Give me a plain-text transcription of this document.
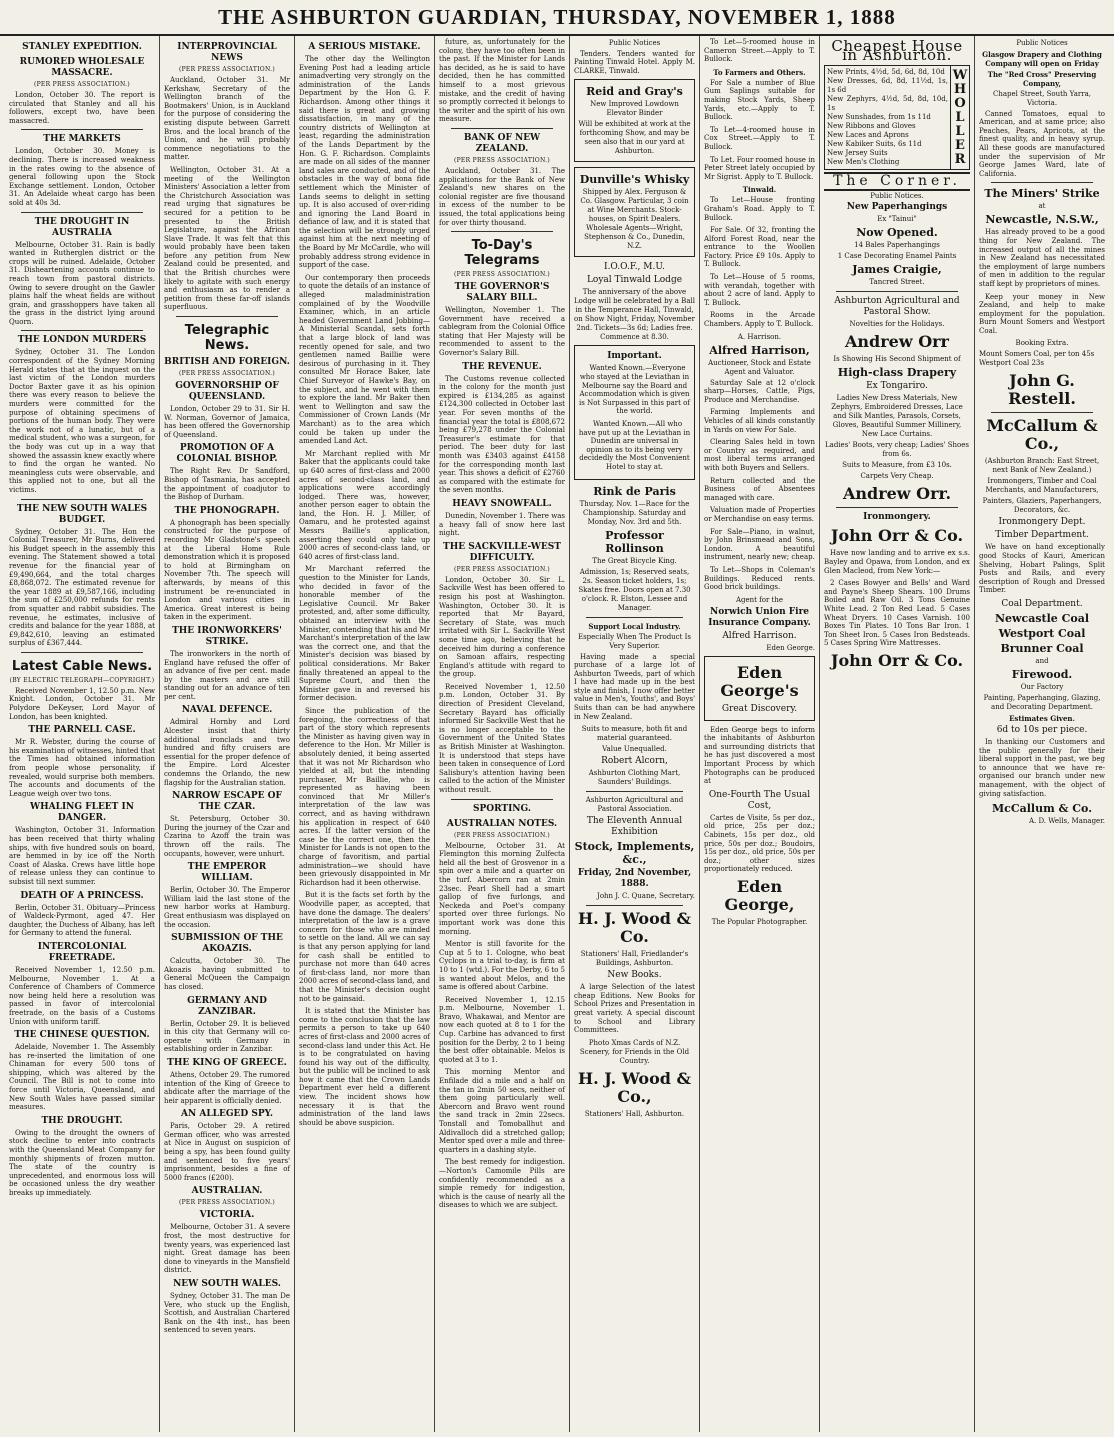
THE ASHBURTON GUARDIAN, THURSDAY, NOVEMBER 1, 1888
STANLEY EXPEDITION.
RUMORED WHOLESALE MASSACRE.
(PER PRESS ASSOCIATION.)

London, October 30. The report is circulated that Stanley and all his followers, except two, have been massacred.

THE MARKETS

London, October 30. Money is declining. There is increased weakness in the rates owing to the absence of general following upon the Stock Exchange settlement. London, October 31. An Adelaide wheat cargo has been sold at 40s 3d.

THE DROUGHT IN AUSTRALIA

Melbourne, October 31. Rain is badly wanted in Rutherglen district or the crops will be ruined. Adelaide, October 31. Disheartening accounts continue to reach town from pastoral districts. Owing to severe drought on the Gawler plains half the wheat fields are without grain, and grasshoppers have taken all the grass in the district lying around Quorn.

THE LONDON MURDERS

Sydney, October 31. The London correspondent of the Sydney Morning Herald states that at the inquest on the last victim of the London murders Doctor Baxter gave it as his opinion there was every reason to believe the murders were committed for the purpose of obtaining specimens of portions of the human body. They were the work not of a lunatic, but of a medical student, who was a surgeon, for the body was cut up in a way that showed the assassin knew exactly where to find the organ he wanted. No meaningless cuts were observable, and this applied not to one, but all the victims.

THE NEW SOUTH WALES BUDGET.

Sydney, October 31. The Hon the Colonial Treasurer, Mr Burns, delivered his Budget speech in the assembly this evening. The Statement showed a total revenue for the financial year of £9,490,664, and the total charges £8,868,072. The estimated revenue for the year 1889 at £9,587,166, including the sum of £250,000 refunds for rents from squatter and rabbit subsidies. The revenue, he estimates, inclusive of credits and balance for the year 1888, at £9,842,610, leaving an estimated surplus of £367,444.

Latest Cable News.
(BY ELECTRIC TELEGRAPH—COPYRIGHT.)

Received November 1, 12.50 p.m. New Knight. London, October 31. Mr Polydore DeKeyser, Lord Mayor of London, has been knighted.

THE PARNELL CASE.

Mr R. Webster, during the course of his examination of witnesses, hinted that the Times had obtained information from people whose personality, if revealed, would surprise both members. The accounts and documents of the League weigh over two tons.

WHALING FLEET IN DANGER.

Washington, October 31. Information has been received that thirty whaling ships, with five hundred souls on board, are hemmed in by ice off the North Coast of Alaska. Crews have little hope of release unless they can continue to subsist till next summer.

DEATH OF A PRINCESS.

Berlin, October 31. Obituary—Princess of Waldeck-Pyrmont, aged 47. Her daughter, the Duchess of Albany, has left for Germany to attend the funeral.

INTERCOLONIAL FREETRADE.

Received November 1, 12.50 p.m. Melbourne, November 1. At a Conference of Chambers of Commerce now being held here a resolution was passed in favor of intercolonial freetrade, on the basis of a Customs Union with uniform tariff.

THE CHINESE QUESTION.

Adelaide, November 1. The Assembly has re-inserted the limitation of one Chinaman for every 500 tons of shipping, which was altered by the Council. The Bill is not to come into force until Victoria, Queensland, and New South Wales have passed similar measures.

THE DROUGHT.

Owing to the drought the owners of stock decline to enter into contracts with the Queensland Meat Company for monthly shipments of frozen mutton. The state of the country is unprecedented, and enormous loss will be occasioned unless the dry weather breaks up immediately.

INTERPROVINCIAL NEWS
(PER PRESS ASSOCIATION.)

Auckland, October 31. Mr Kerkshaw, Secretary of the Wellington branch of the Bootmakers' Union, is in Auckland for the purpose of considering the existing dispute between Garrett Bros. and the local branch of the Union, and he will probably commence negotiations to the matter.

Wellington, October 31. At a meeting of the Wellington Ministers' Association a letter from the Christchurch Association was read urging that signatures be secured for a petition to be presented to the British Legislature, against the African Slave Trade. It was felt that this would probably have been taken before any petition from New Zealand could be presented, and that the British churches were likely to agitate with such energy and enthusiasm as to render a petition from these far-off islands superfluous.

Telegraphic News.
BRITISH AND FOREIGN.
(PER PRESS ASSOCIATION.)
GOVERNORSHIP OF QUEENSLAND.

London, October 29 to 31. Sir H. W. Norman, Governor of Jamaica, has been offered the Governorship of Queensland.

PROMOTION OF A COLONIAL BISHOP.

The Right Rev. Dr Sandford, Bishop of Tasmania, has accepted the appointment of coadjutor to the Bishop of Durham.

THE PHONOGRAPH.

A phonograph has been specially constructed for the purpose of recording Mr Gladstone's speech at the Liberal Home Rule demonstration which it is proposed to hold at Birmingham on November 7th. The speech will afterwards, by means of this instrument be re-enunciated in London and various cities in America. Great interest is being taken in the experiment.

THE IRONWORKERS' STRIKE.

The ironworkers in the north of England have refused the offer of an advance of five per cent. made by the masters and are still standing out for an advance of ten per cent.

NAVAL DEFENCE.

Admiral Hornby and Lord Alcester insist that thirty additional ironclads and two hundred and fifty cruisers are essential for the proper defence of the Empire. Lord Alcester condemns the Orlando, the new flagship for the Australian station.

NARROW ESCAPE OF THE CZAR.

St. Petersburg, October 30. During the journey of the Czar and Czarina to Azoff the train was thrown off the rails. The occupants, however, were unhurt.

THE EMPEROR WILLIAM.

Berlin, October 30. The Emperor William laid the last stone of the new harbor works at Hamburg. Great enthusiasm was displayed on the occasion.

SUBMISSION OF THE AKOAZIS.

Calcutta, October 30. The Akoazis having submitted to General McQueen the Campaign has closed.

GERMANY AND ZANZIBAR.

Berlin, October 29. It is believed in this city that Germany will co-operate with Germany in establishing order in Zanzibar.

THE KING OF GREECE.

Athens, October 29. The rumored intention of the King of Greece to abdicate after the marriage of the heir apparent is officially denied.

AN ALLEGED SPY.

Paris, October 29. A retired German officer, who was arrested at Nice in August on suspicion of being a spy, has been found guilty and sentenced to five years' imprisonment, besides a fine of 5000 francs (£200).

AUSTRALIAN.
(PER PRESS ASSOCIATION.)
VICTORIA.

Melbourne, October 31. A severe frost, the most destructive for twenty years, was experienced last night. Great damage has been done to vineyards in the Mansfield district.

NEW SOUTH WALES.

Sydney, October 31. The man De Vere, who stuck up the English, Scottish, and Australian Chartered Bank on the 4th inst., has been sentenced to seven years.

A SERIOUS MISTAKE.

The other day the Wellington Evening Post had a leading article animadverting very strongly on the administration of the Lands Department by the Hon G. F. Richardson. Among other things it said there is great and growing dissatisfaction, in many of the country districts of Wellington at least, regarding the administration of the Lands Department by the Hon. G. F. Richardson. Complaints are made on all sides of the manner land sales are conducted, and of the obstacles in the way of bona fide settlement which the Minister of Lands seems to delight in setting up. It is also accused of over-riding and ignoring the Land Board in defiance of law, and it is stated that the selection will be strongly urged against him at the next meeting of the Board by Mr McCardle, who will probably address strong evidence in support of the case.

Our contemporary then proceeds to quote the details of an instance of alleged maladministration complained of by the Woodville Examiner, which, in an article headed Government Land Jobbing—A Ministerial Scandal, sets forth that a large block of land was recently opened for sale, and two gentlemen named Baillie were desirous of purchasing in it. They consulted Mr Horace Baker, late Chief Surveyor of Hawke's Bay, on the subject, and he went with them to explore the land. Mr Baker then went to Wellington and saw the Commissioner of Crown Lands (Mr Marchant) as to the area which could be taken up under the amended Land Act.

Mr Marchant replied with Mr Baker that the applicants could take up 640 acres of first-class and 2000 acres of second-class land, and applications were accordingly lodged. There was, however, another person eager to obtain the land, the Hon. H. J. Miller, of Oamaru, and he protested against Messrs Baillie's application, asserting they could only take up 2000 acres of second-class land, or 640 acres of first-class land.

Mr Marchant referred the question to the Minister for Lands, who decided in favor of the honorable member of the Legislative Council. Mr Baker protested, and, after some difficulty, obtained an interview with the Minister, contending that his and Mr Marchant's interpretation of the law was the correct one, and that the Minister's decision was biased by political considerations. Mr Baker finally threatened an appeal to the Supreme Court, and then the Minister gave in and reversed his former decision.

Since the publication of the foregoing, the correctness of that part of the story which represents the Minister as having given way in deference to the Hon. Mr Miller is absolutely denied, it being asserted that it was not Mr Richardson who yielded at all, but the intending purchaser, Mr Baillie, who is represented as having been convinced that Mr Miller's interpretation of the law was correct, and as having withdrawn his application in respect of 640 acres. If the latter version of the case be the correct one, then the Minister for Lands is not open to the charge of favoritism, and partial administration—we should have been grievously disappointed in Mr Richardson had it been otherwise.

But it is the facts set forth by the Woodville paper, as accepted, that have done the damage. The dealers' interpretation of the law is a grave concern for those who are minded to settle on the land. All we can say is that any person applying for land for cash shall be entitled to purchase not more than 640 acres of first-class land, nor more than 2000 acres of second-class land, and that the Minister's decision ought not to be gainsaid.

It is stated that the Minister has come to the conclusion that the law permits a person to take up 640 acres of first-class and 2000 acres of second-class land under this Act. He is to be congratulated on having found his way out of the difficulty, but the public will be inclined to ask how it came that the Crown Lands Department ever held a different view. The incident shows how necessary it is that the administration of the land laws should be above suspicion.

future, as, unfortunately for the colony, they have too often been in the past. If the Minister for Lands has decided, as he is said to have decided, then he has committed himself to a most grievous mistake, and the credit of having so promptly corrected it belongs to the writer and the spirit of his own measure.

BANK OF NEW ZEALAND.
(PER PRESS ASSOCIATION.)

Auckland, October 31. The applications for the Bank of New Zealand's new shares on the colonial register are five thousand in excess of the number to be issued, the total applications being for over thirty thousand.

To-Day's Telegrams
(PER PRESS ASSOCIATION.)
THE GOVERNOR'S SALARY BILL.

Wellington, November 1. The Government have received a cablegram from the Colonial Office stating that Her Majesty will be recommended to assent to the Governor's Salary Bill.

THE REVENUE.

The Customs revenue collected in the colony for the month just expired is £134,285 as against £124,300 collected in October last year. For seven months of the financial year the total is £808,672 being £79,278 under the Colonial Treasurer's estimate for that period. The beer duty for last month was £3403 against £4158 for the corresponding month last year. This shows a deficit of £2760 as compared with the estimate for the seven months.

HEAVY SNOWFALL.

Dunedin, November 1. There was a heavy fall of snow here last night.

THE SACKVILLE-WEST DIFFICULTY.
(PER PRESS ASSOCIATION.)

London, October 30. Sir L. Sackville West has been offered to resign his post at Washington. Washington, October 30. It is reported that Mr Bayard, Secretary of State, was much irritated with Sir L. Sackville West some time ago, believing that he deceived him during a conference on Samoan affairs, respecting England's attitude with regard to the group.

Received November 1, 12.50 p.m. London, October 31. By direction of President Cleveland, Secretary Bayard has officially informed Sir Sackville West that he is no longer acceptable to the Government of the United States as British Minister at Washington. It is understood that steps have been taken in consequence of Lord Salisbury's attention having been called to the action of the Minister without result.

SPORTING.
AUSTRALIAN NOTES.
(PER PRESS ASSOCIATION.)

Melbourne, October 31. At Flemington this morning Zulfecta held all the best of Grosvenor in a spin over a mile and a quarter on the turf. Abercorn ran at 2min 23sec. Pearl Shell had a smart gallop of five furlongs, and Neckeda and Poet's company sported over three furlongs. No important work was done this morning.

Mentor is still favorite for the Cup at 5 to 1. Cologne, who beat Cyclops in a trial to-day, is firm at 10 to 1 (wtd.). For the Derby, 6 to 5 is wanted about Melos, and the same is offered about Carbine.

Received November 1, 12.15 p.m. Melbourne, November 1. Bravo, Whakawai, and Mentor are now each quoted at 8 to 1 for the Cup. Carbine has advanced to first position for the Derby, 2 to 1 being the best offer obtainable. Melos is quoted at 3 to 1.

This morning Mentor and Enfilade did a mile and a half on the tan in 2min 50 secs, neither of them going particularly well. Abercorn and Bravo went round the sand track in 2min 22secs. Tonstall and Tomoballhut and Aldivalloch did a stretched gallop; Mentor sped over a mile and three-quarters in a dashing style.

The best remedy for indigestion.—Norton's Camomile Pills are confidently recommended as a simple remedy for indigestion, which is the cause of nearly all the diseases to which we are subject.

Public Notices

Tenders. Tenders wanted for Painting Tinwald Hotel. Apply M. CLARKE, Tinwald.

Reid and Gray's
New Improved Lowdown Elevator Binder
Will be exhibited at work at the forthcoming Show, and may be seen also that in our yard at Ashburton.
Dunville's Whisky
Shipped by Alex. Ferguson & Co. Glasgow. Particular, 3 coin at Wine Merchants. Stock-houses, on Spirit Dealers. Wholesale Agents—Wright, Stephenson & Co., Dunedin, N.Z.
I.O.O.F., M.U.
Loyal Tinwald Lodge
The anniversary of the above Lodge will be celebrated by a Ball in the Temperance Hall, Tinwald, on Show Night, Friday, November 2nd. Tickets—3s 6d; Ladies free. Commence at 8.30.
Important.

Wanted Known.—Everyone who stayed at the Leviathan in Melbourne say the Board and Accommodation which is given is Not Surpassed in this part of the world.

Wanted Known.—All who have put up at the Leviathan in Dunedin are universal in opinion as to its being very decidedly the Most Convenient Hotel to stay at.

Rink de Paris
Thursday, Nov. 1—Race for the Championship. Saturday and Monday, Nov. 3rd and 5th.
Professor Rollinson
The Great Bicycle King.
Admission, 1s; Reserved seats, 2s. Season ticket holders, 1s; Skates free. Doors open at 7.30 o'clock. R. Elston, Lessee and Manager.
Support Local Industry.
Especially When The Product Is Very Superior.

Having made a special purchase of a large lot of Ashburton Tweeds, part of which I have had made up in the best style and finish, I now offer better value in Men's, Youths', and Boys' Suits than can be had anywhere in New Zealand.

Suits to measure, both fit and material guaranteed.
Value Unequalled.
Robert Alcorn,
Ashburton Clothing Mart, Saunders' Buildings.
Ashburton Agricultural and Pastoral Association.
The Eleventh Annual Exhibition
Stock, Implements, &c.,
Friday, 2nd November, 1888.
John J. C. Quane, Secretary.
H. J. Wood & Co.
Stationers' Hall, Friedlander's Buildings, Ashburton.
New Books.

A large Selection of the latest cheap Editions. New Books for School Prizes and Presentation in great variety. A special discount to School and Library Committees.

Photo Xmas Cards of N.Z. Scenery, for Friends in the Old Country.
H. J. Wood & Co.,
Stationers' Hall, Ashburton.

To Let—5-roomed house in Cameron Street.—Apply to T. Bullock.

To Farmers and Others.

For Sale a number of Blue Gum Saplings suitable for making Stock Yards, Sheep Yards, etc.—Apply to T. Bullock.

To Let—4-roomed house in Cox Street.—Apply to T. Bullock.

To Let. Four roomed house in Peter Street lately occupied by Mr Sigrist. Apply to T. Bullock.

Tinwald.

To Let—House fronting Graham's Road. Apply to T. Bullock.

For Sale. Of 32, fronting the Alford Forest Road, near the entrance to the Woollen Factory. Price £9 10s. Apply to T. Bullock.

To Let—House of 5 rooms, with verandah, together with about 2 acre of land. Apply to T. Bullock.

Rooms in the Arcade Chambers. Apply to T. Bullock.

A. Harrison.
Alfred Harrison,
Auctioneer, Stock and Estate Agent and Valuator.

Saturday Sale at 12 o'clock sharp—Horses, Cattle, Pigs, Produce and Merchandise.

Farming Implements and Vehicles of all kinds constantly in Yards on view For Sale.

Clearing Sales held in town or Country as required, and most liberal terms arranged with both Buyers and Sellers.

Return collected and the Business of Absentees managed with care.

Valuation made of Properties or Merchandise on easy terms.

For Sale—Piano, in walnut, by John Brinsmead and Sons, London. A beautiful instrument, nearly new; cheap.

To Let—Shops in Coleman's Buildings. Reduced rents. Good brick buildings.

Agent for the
Norwich Union Fire Insurance Company.
Alfred Harrison.
Eden George.
Eden George's
Great Discovery.

Eden George begs to inform the inhabitants of Ashburton and surrounding districts that he has just discovered a most Important Process by which Photographs can be produced at

One-Fourth The Usual Cost,

Cartes de Visite, 5s per doz., old price, 25s per doz.; Cabinets, 15s per doz., old price, 50s per doz.; Boudoirs, 15s per doz., old price, 50s per doz.; other sizes proportionately reduced.

Eden George,
The Popular Photographer.
Cheapest House in Ashburton.
New Prints, 4½d, 5d, 6d, 8d, 10d
New Dresses, 6d, 8d, 11½d, 1s, 1s 6d
New Zephyrs, 4½d, 5d, 8d, 10d, 1s
New Sunshades, from 1s 11d
New Ribbons and Gloves
New Laces and Aprons
New Kabiker Suits, 6s 11d
New Jersey Suits
New Men's Clothing
W
H
O
L
L
E
R
The Corner.
Public Notices.
New Paperhangings
Ex "Tainui"
Now Opened.
14 Bales Paperhangings
1 Case Decorating Enamel Paints
James Craigie,
Tancred Street.
Ashburton Agricultural and Pastoral Show.
Novelties for the Holidays.
Andrew Orr
Is Showing His Second Shipment of
High-class Drapery
Ex Tongariro.
Ladies New Dress Materials, New Zephyrs, Embroidered Dresses, Lace and Silk Mantles, Parasols, Corsets, Gloves, Beautiful Summer Millinery, New Lace Curtains.
Ladies' Boots, very cheap; Ladies' Shoes from 6s.
Suits to Measure, from £3 10s.
Carpets Very Cheap.
Andrew Orr.
Ironmongery.
John Orr & Co.

Have now landing and to arrive ex s.s. Bayley and Opawa, from London, and ex Glen Macleod, from New York:—

2 Cases Bowyer and Bells' and Ward and Payne's Sheep Shears. 100 Drums Boiled and Raw Oil. 3 Tons Genuine White Lead. 2 Ton Red Lead. 5 Cases Wheat Dryers. 10 Cases Varnish. 100 Boxes Tin Plates. 10 Tons Bar Iron. 1 Ton Sheet Iron. 5 Cases Iron Bedsteads. 5 Cases Spring Wire Mattresses.

John Orr & Co.
Public Notices
Glasgow Drapery and Clothing Company will open on Friday
The "Red Cross" Preserving Company,
Chapel Street, South Yarra, Victoria.

Canned Tomatoes, equal to American, and at same price; also Peaches, Pears, Apricots, at the finest quality, and in heavy syrup. All these goods are manufactured under the supervision of Mr George James Ward, late of California.

The Miners' Strike
at
Newcastle, N.S.W.,

Has already proved to be a good thing for New Zealand. The increased output of all the mines in New Zealand has necessitated the employment of large numbers of men in addition to the regular staff kept by proprietors of mines.

Keep your money in New Zealand, and help to make employment for the population. Burn Mount Somers and Westport Coal.

Booking Extra.
Mount Somers Coal, per ton 45s
Westport Coal 23s
John G. Restell.
McCallum & Co.,
(Ashburton Branch: East Street, next Bank of New Zealand.)
Ironmongers, Timber and Coal Merchants, and Manufacturers,
Painters, Glaziers, Paperhangers, Decorators, &c.
Ironmongery Dept.
Timber Department.

We have on hand exceptionally good Stocks of Kauri, American Shelving, Hobart Palings, Split Posts and Rails, and every description of Rough and Dressed Timber.

Coal Department.
Newcastle Coal
Westport Coal
Brunner Coal
and
Firewood.
Our Factory
Painting, Paperhanging, Glazing, and Decorating Department.
Estimates Given.
6d to 10s per piece.

In thanking our Customers and the public generally for their liberal support in the past, we beg to announce that we have re-organised our branch under new management, with the object of giving satisfaction.

McCallum & Co.
A. D. Wells, Manager.
